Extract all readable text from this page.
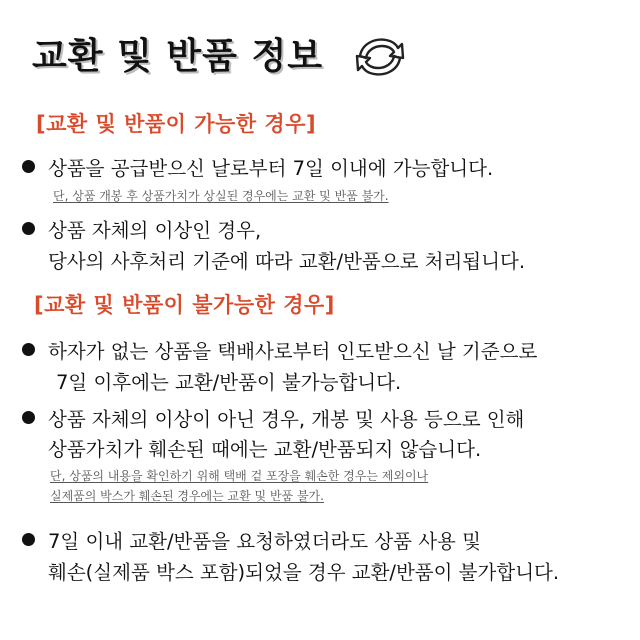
교환 및 반품 정보
[교환 및 반품이 가능한 경우]
상품을 공급받으신 날로부터 7일 이내에 가능합니다.
단, 상품 개봉 후 상품가치가 상실된 경우에는 교환 및 반품 불가.
상품 자체의 이상인 경우,
당사의 사후처리 기준에 따라 교환/반품으로 처리됩니다.
[교환 및 반품이 불가능한 경우]
하자가 없는 상품을 택배사로부터 인도받으신 날 기준으로
7일 이후에는 교환/반품이 불가능합니다.
상품 자체의 이상이 아닌 경우, 개봉 및 사용 등으로 인해
상품가치가 훼손된 때에는 교환/반품되지 않습니다.
단, 상품의 내용을 확인하기 위해 택배 겉 포장을 훼손한 경우는 제외이나
실제품의 박스가 훼손된 경우에는 교환 및 반품 불가.
7일 이내 교환/반품을 요청하였더라도 상품 사용 및
훼손(실제품 박스 포함)되었을 경우 교환/반품이 불가합니다.
